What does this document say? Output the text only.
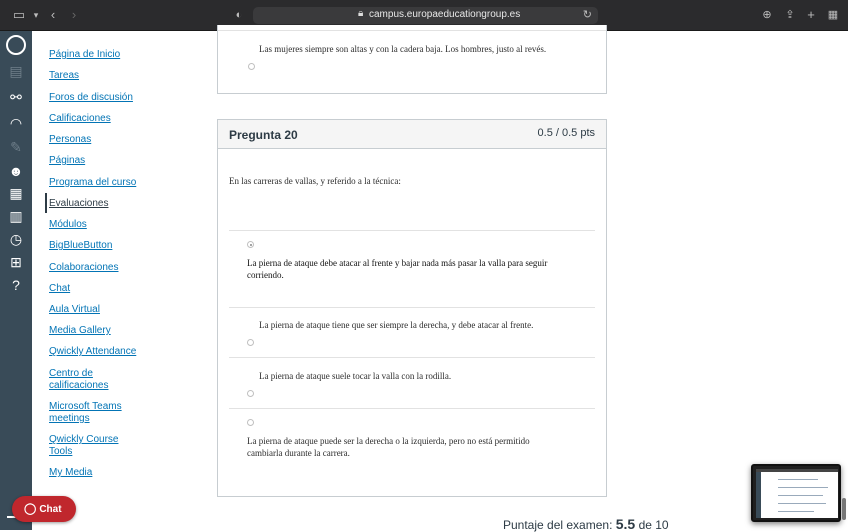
▭ ▾ ‹	›	◐	🔒︎ campus.europaeducationgroup.es	↻	⊕	⇪ +	▦
▤
⚯
◠
✎
☻
▦
▥
◷
⊞
?
Página de Inicio
Tareas
Foros de discusión
Calificaciones
Personas
Páginas
Programa del curso
Evaluaciones
Módulos
BigBlueButton
Colaboraciones
Chat
Aula Virtual
Media Gallery
Qwickly Attendance
Centro de calificaciones
Microsoft Teams meetings
Qwickly Course Tools
My Media
Las mujeres siempre son altas y con la cadera baja. Los hombres, justo al revés.
Pregunta 20	0.5 / 0.5 pts
En las carreras de vallas, y referido a la técnica:
La pierna de ataque debe atacar al frente y bajar nada más pasar la valla para seguir corriendo.
La pierna de ataque tiene que ser siempre la derecha, y debe atacar al frente.
La pierna de ataque suele tocar la valla con la rodilla.
La pierna de ataque puede ser la derecha o la izquierda, pero no está permitido cambiarla durante la carrera.
Puntaje del examen: 5.5 de 10
◯ Chat
